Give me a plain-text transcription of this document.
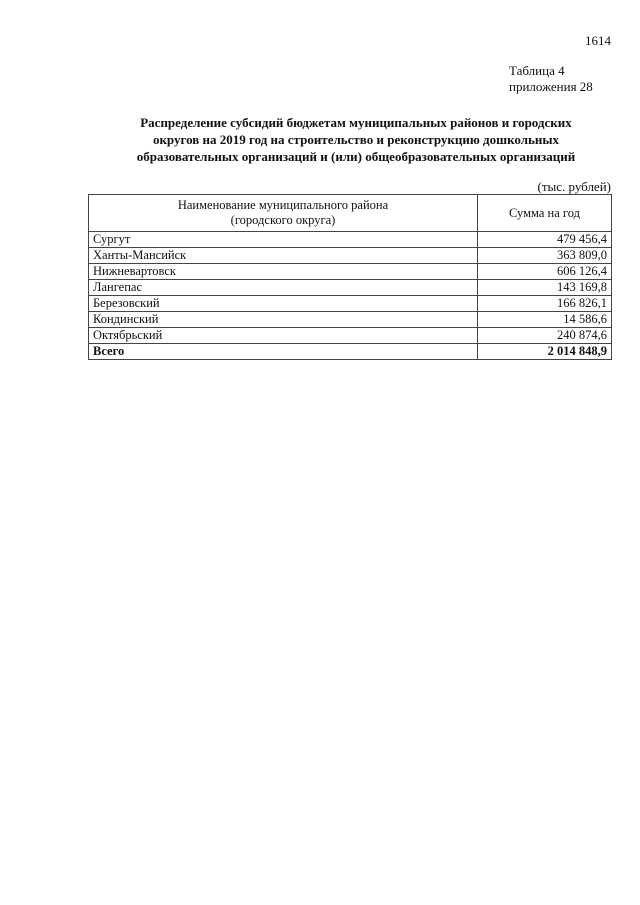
1614
Таблица 4
приложения 28
Распределение субсидий бюджетам муниципальных районов и городских
округов на 2019 год на строительство и реконструкцию дошкольных
образовательных организаций и (или) общеобразовательных организаций
(тыс. рублей)
Наименование муниципального района
(городского округа)	Сумма на год
Сургут	479 456,4
Ханты-Мансийск	363 809,0
Нижневартовск	606 126,4
Лангепас	143 169,8
Березовский	166 826,1
Кондинский	14 586,6
Октябрьский	240 874,6
Всего	2 014 848,9
